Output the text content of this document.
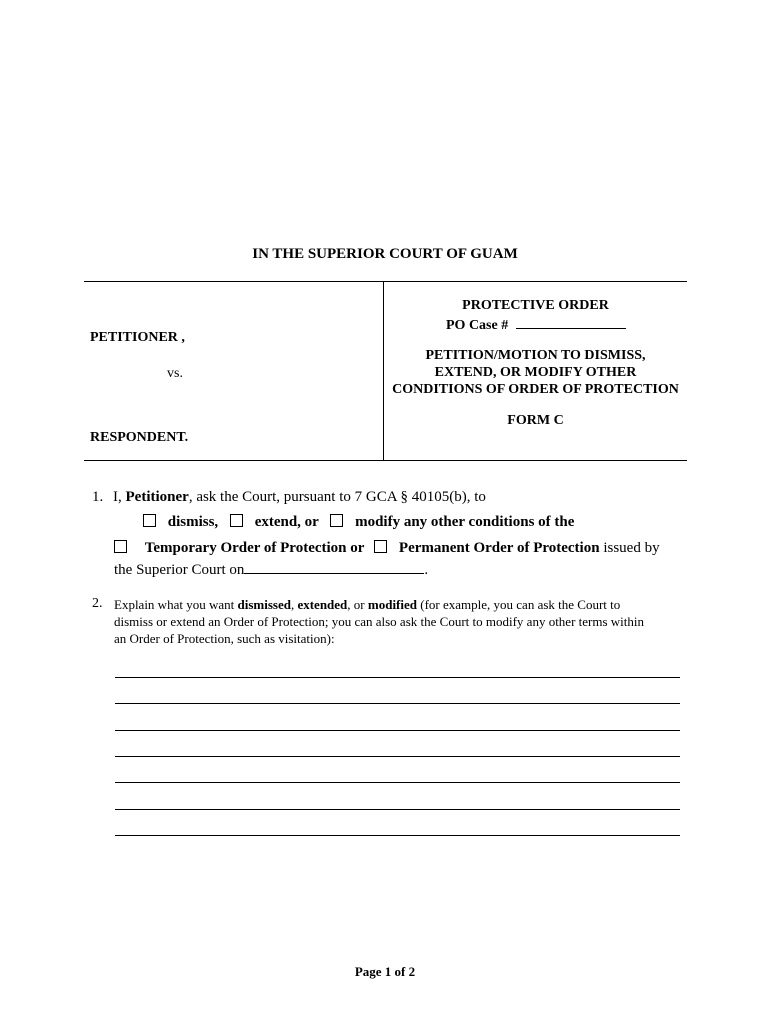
IN THE SUPERIOR COURT OF GUAM
PETITIONER ,
vs.
RESPONDENT.
PROTECTIVE ORDER
PO Case #
PETITION/MOTION TO DISMISS,
EXTEND, OR MODIFY OTHER
CONDITIONS OF ORDER OF PROTECTION
FORM C
1. I, Petitioner, ask the Court, pursuant to 7 GCA § 40105(b), to
dismiss, extend, or modify any other conditions of the
Temporary Order of Protection or Permanent Order of Protection issued by
the Superior Court on	.
2. Explain what you want dismissed, extended, or modified (for example, you can ask the Court to
dismiss or extend an Order of Protection; you can also ask the Court to modify any other terms within
an Order of Protection, such as visitation):
Page 1 of 2
